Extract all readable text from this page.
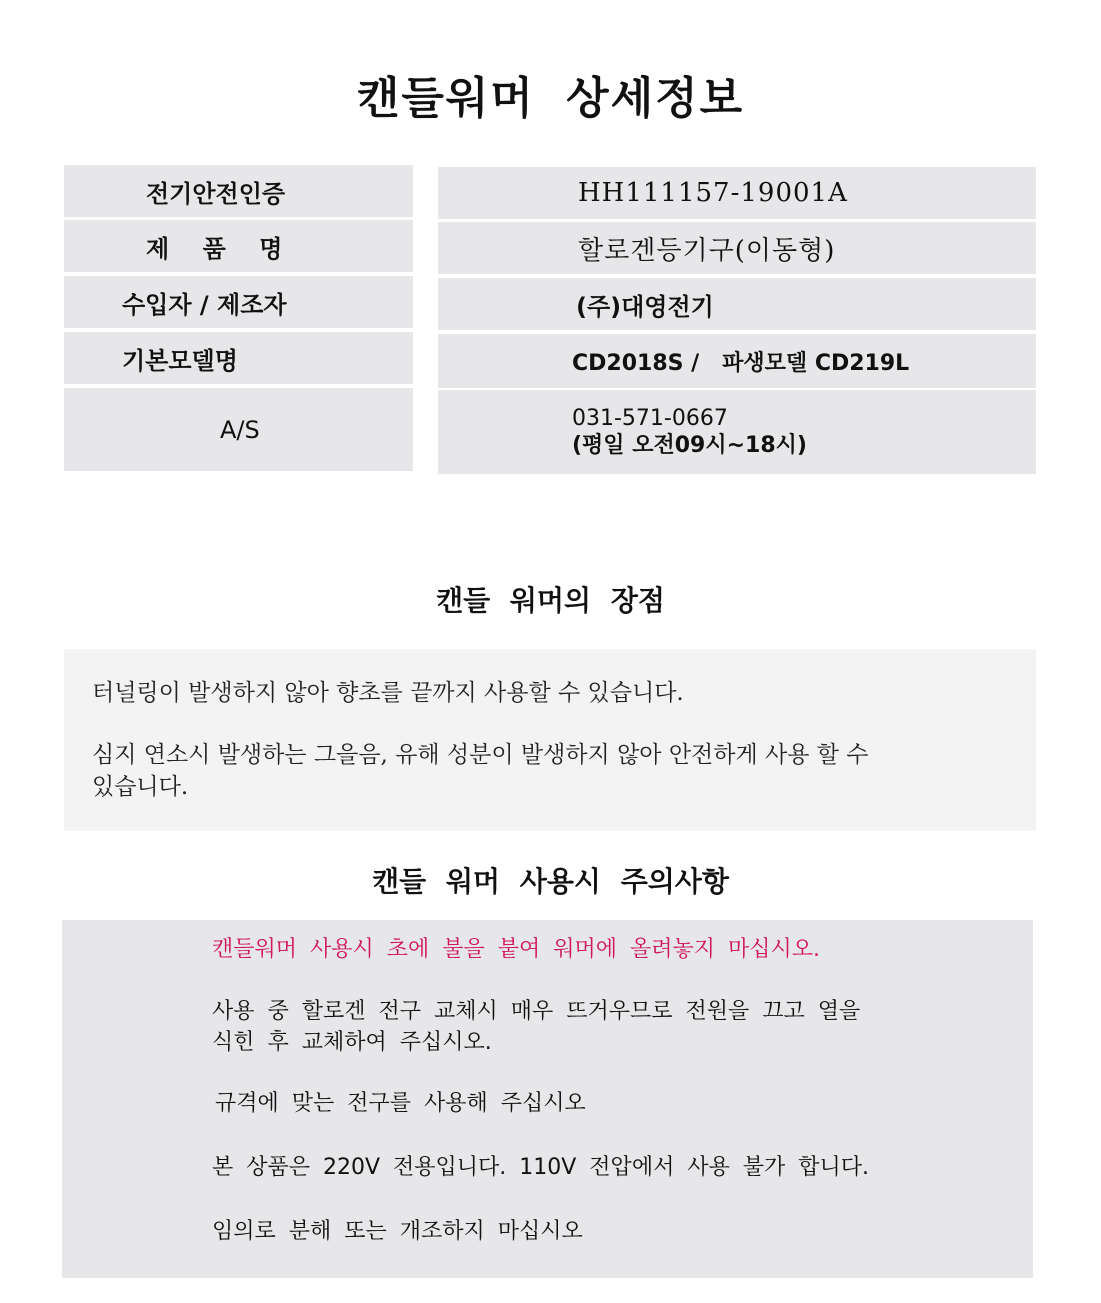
캔들워머 상세정보
전기안전인증	HH111157-19001A
제    품    명	할로겐등기구(이동형)
수입자 / 제조자	(주)대영전기
기본모델명	CD2018S /   파생모델 CD219L
A/S	031-571-0667
(평일 오전09시~18시)
캔들 워머의 장점
터널링이 발생하지 않아 향초를 끝까지 사용할 수 있습니다.
심지 연소시 발생하는 그을음, 유해 성분이 발생하지 않아 안전하게 사용 할 수
있습니다.
캔들 워머 사용시 주의사항
캔들워머 사용시 초에 불을 붙여 워머에 올려놓지 마십시오.
사용 중 할로겐 전구 교체시 매우 뜨거우므로 전원을 끄고 열을
식힌 후 교체하여 주십시오.
규격에 맞는 전구를 사용해 주십시오
본 상품은 220V 전용입니다. 110V 전압에서 사용 불가 합니다.
임의로 분해 또는 개조하지 마십시오
